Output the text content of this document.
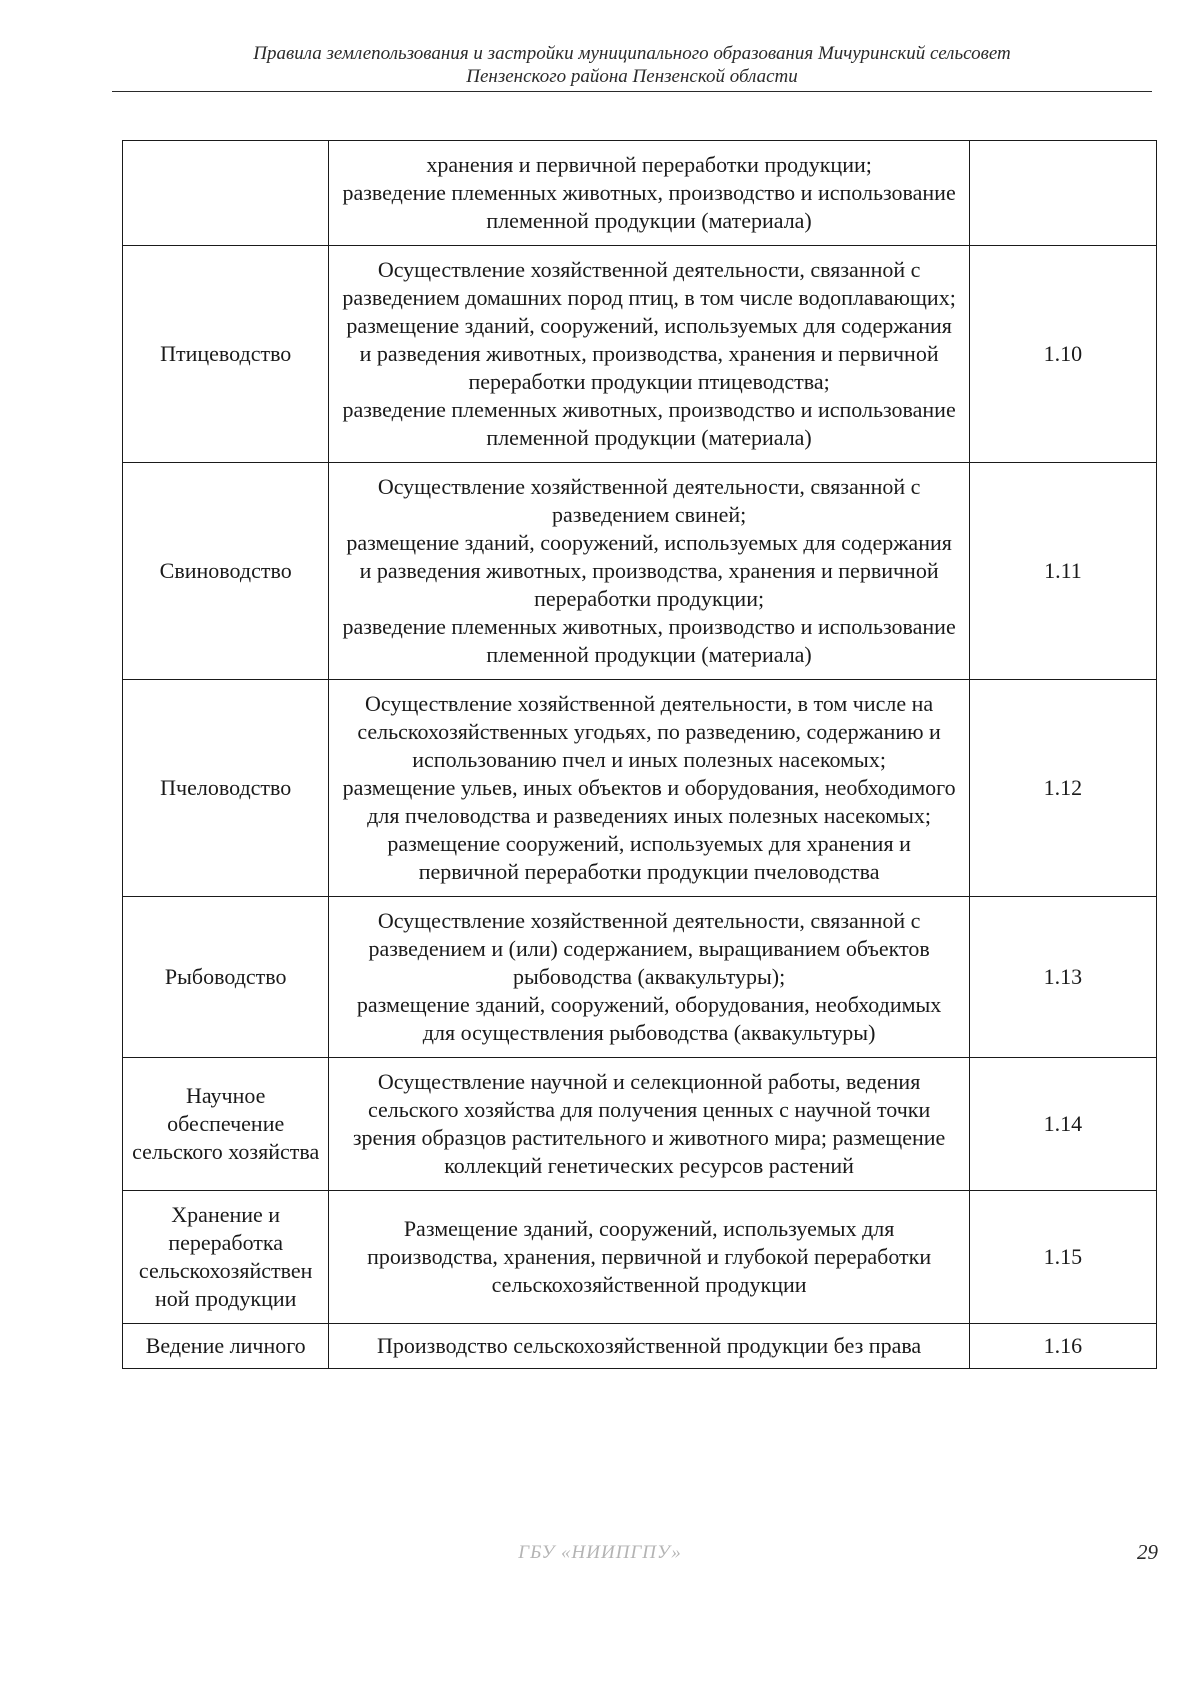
Правила землепользования и застройки муниципального образования Мичуринский сельсовет
Пензенского района Пензенской области
	хранения и первичной переработки продукции;
разведение племенных животных, производство и использование племенной продукции (материала)	
Птицеводство	Осуществление хозяйственной деятельности, связанной с разведением домашних пород птиц, в том числе водоплавающих;
размещение зданий, сооружений, используемых для содержания и разведения животных, производства, хранения и первичной переработки продукции птицеводства;
разведение племенных животных, производство и использование племенной продукции (материала)	1.10
Свиноводство	Осуществление хозяйственной деятельности, связанной с разведением свиней;
размещение зданий, сооружений, используемых для содержания и разведения животных, производства, хранения и первичной переработки продукции;
разведение племенных животных, производство и использование племенной продукции (материала)	1.11
Пчеловодство	Осуществление хозяйственной деятельности, в том числе на сельскохозяйственных угодьях, по разведению, содержанию и использованию пчел и иных полезных насекомых;
размещение ульев, иных объектов и оборудования, необходимого для пчеловодства и разведениях иных полезных насекомых;
размещение сооружений, используемых для хранения и первичной переработки продукции пчеловодства	1.12
Рыбоводство	Осуществление хозяйственной деятельности, связанной с разведением и (или) содержанием, выращиванием объектов рыбоводства (аквакультуры);
размещение зданий, сооружений, оборудования, необходимых для осуществления рыбоводства (аквакультуры)	1.13
Научное обеспечение сельского хозяйства	Осуществление научной и селекционной работы, ведения сельского хозяйства для получения ценных с научной точки зрения образцов растительного и животного мира; размещение коллекций генетических ресурсов растений	1.14
Хранение и переработка сельскохозяйствен ной продукции	Размещение зданий, сооружений, используемых для производства, хранения, первичной и глубокой переработки сельскохозяйственной продукции	1.15
Ведение личного	Производство сельскохозяйственной продукции без права	1.16
ГБУ «НИИПГПУ»	29
